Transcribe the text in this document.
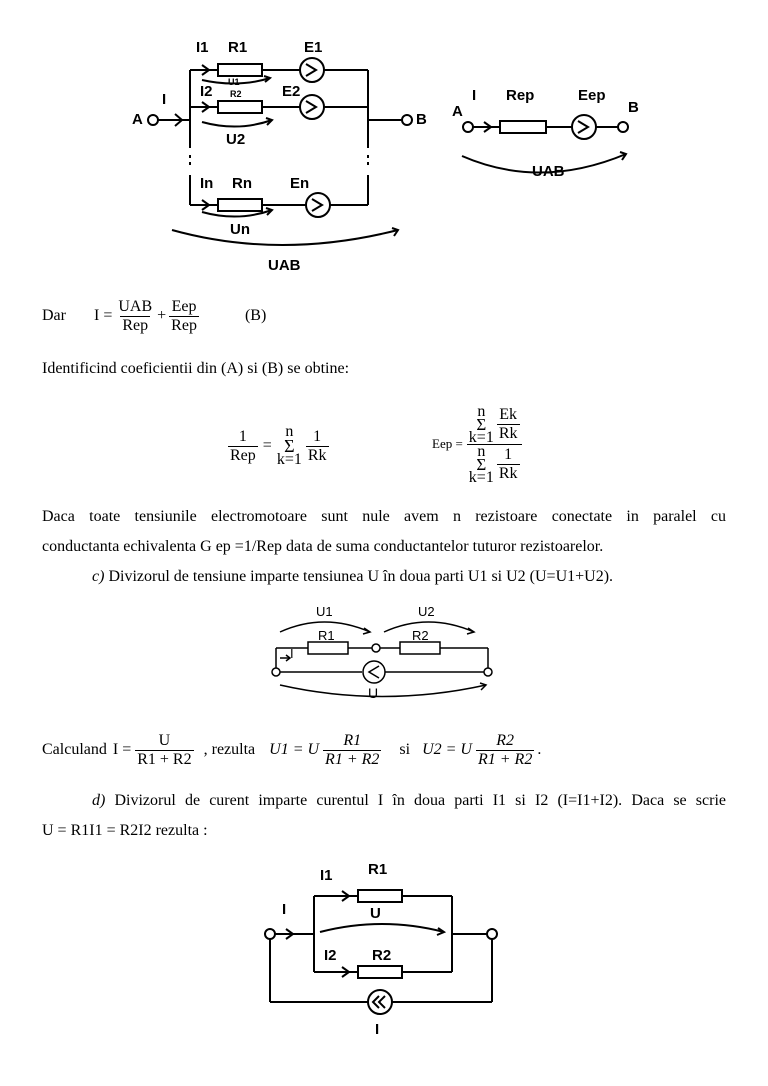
I1 R1	E1
U1
R2
I2	E2
U2
A
I
B
In Rn	En
Un
UAB
A
I Rep	Eep
B
UAB
Dar	$I = \frac{\text{UAB}}{\text{Rep}} + \frac{\text{Eep}}{\text{Rep}}$	(B)
Identificind coeficientii din (A) si (B) se obtine:
$\frac{1}{\text{Rep}}$ =
n
Σ
$k=1 \frac{1}{Rk}$	Eep = n
Σ
$k=1 \frac{Ek}{Rk}$
n
Σ
$k=1 \frac{1}{Rk}$
Daca toate tensiunile electromotoare sunt nule avem n rezistoare conectate in paralel cu
conductanta echivalenta G ep =1/Rep data de suma conductantelor tuturor rezistoarelor.
c) Divizorul de tensiune imparte tensiunea U în doua parti U1 si U2 (U=U1+U2).
U1	U2
R1	R2
I
U
Calculand $I = \frac{U}{R1 + R2}$ , rezulta U1 = U $\frac{R1}{R1 + R2}$ si U2 = U $\frac{R2}{R1 + R2}$ .
d) Divizorul de curent imparte curentul I în doua parti I1 si I2 (I=I1+I2). Daca se scrie
U = R1I1 = R2I2 rezulta :
I1 R1
I	U
I2 R2
I
